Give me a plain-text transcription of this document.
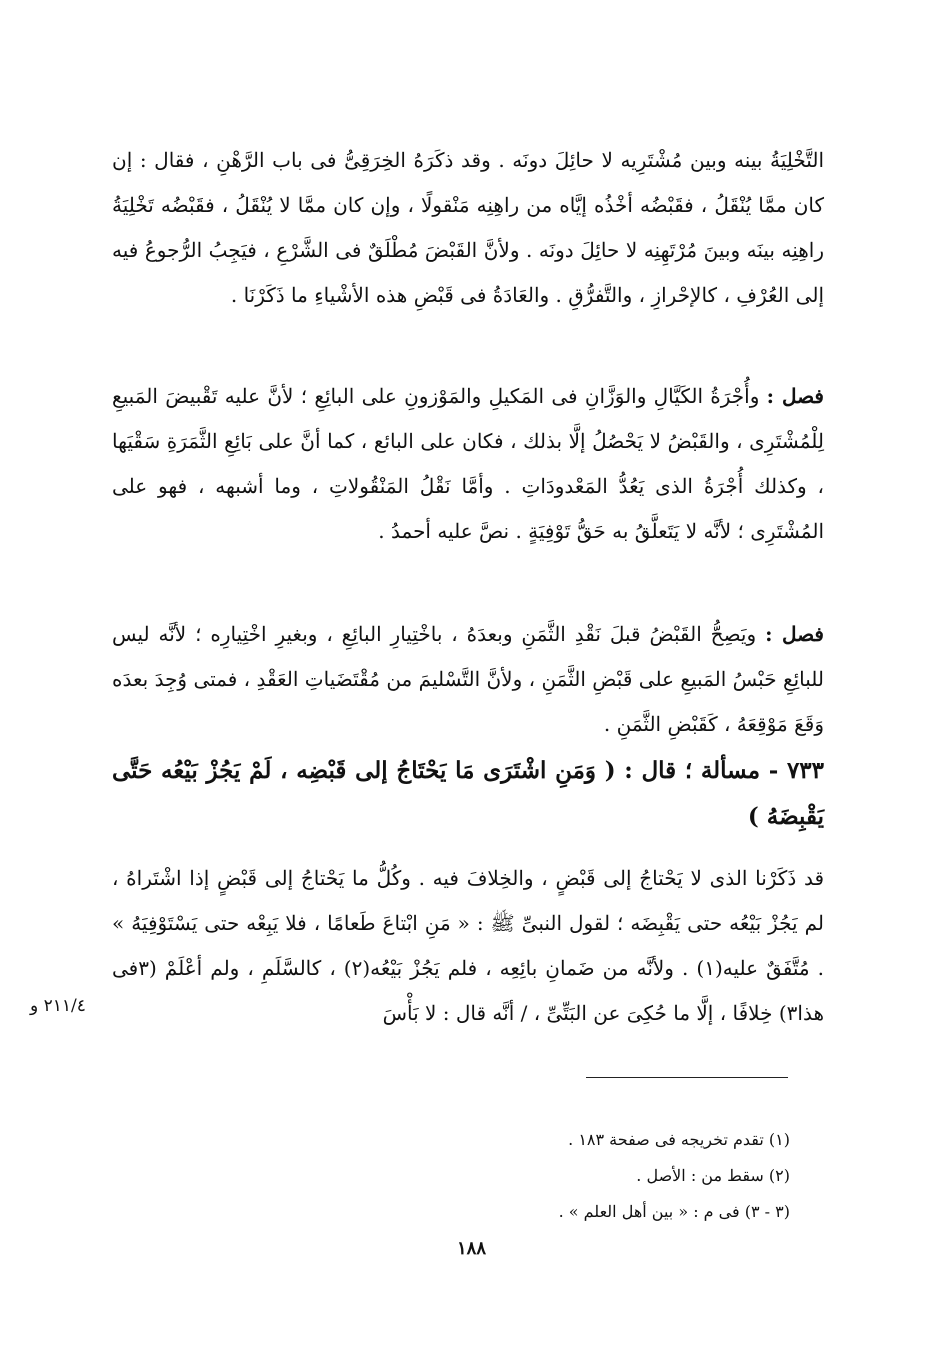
التَّخْلِيَةُ بينه وبين مُشْتَرِيه لا حائِلَ دونَه . وقد ذكَرَهُ الخِرَقِىُّ فى باب الرَّهْنِ ، فقال : إن كان ممَّا يُنْقَلُ ، فقَبْضُه أخْذُه إيَّاه من راهِنِه مَنْقولًا ، وإن كان ممَّا لا يُنْقَلُ ، فقَبْضُه تَخْلِيَةُ راهِنِه بينَه وبينَ مُرْتَهِنِه لا حائِلَ دونَه . ولأنَّ القَبْضَ مُطْلَقٌ فى الشَّرْعِ ، فيَجِبُ الرُّجوعُ فيه إلى العُرْفِ ، كالإحْرازِ ، والتَّفرُّقِ . والعَادَةُ فى قَبْضِ هذه الأشْياءِ ما ذَكَرْنَا .

فصل : وأُجْرَةُ الكَيَّالِ والوَزَّانِ فى المَكيلِ والمَوْزونِ على البائِعِ ؛ لأنَّ عليه تَقْبيضَ المَبيعِ لِلْمُشْتَرِى ، والقَبْضُ لا يَحْصُلُ إلَّا بذلك ، فكان على البائع ، كما أنَّ على بَائِعِ الثَّمَرَةِ سَقْيَها ، وكذلك أُجْرَةُ الذى يَعُدُّ المَعْدودَاتِ . وأمَّا نَقْلُ المَنْقُولاتِ ، وما أشبهه ، فهو على المُشْتَرِى ؛ لأنَّه لا يَتَعلَّقُ به حَقُّ تَوْفِيَةٍ . نصَّ عليه أحمدُ .

فصل : ويَصِحُّ القَبْضُ قبلَ نَقْدِ الثَّمَنِ وبعدَهُ ، باخْتِيارِ البائِعِ ، وبغيرِ اخْتِيارِه ؛ لأنَّه ليس للبائِعِ حَبْسُ المَبيعِ على قَبْضِ الثَّمَنِ ، ولأنَّ التَّسْليمَ من مُقْتَضَياتِ العَقْدِ ، فمتى وُجِدَ بعدَه وَقَعَ مَوْقِعَهُ ، كَقَبْضِ الثَّمَنِ .

٧٣٣ - مسألة ؛ قال : ( وَمَنِ اشْتَرَى مَا يَحْتَاجُ إلى قَبْضِه ، لَمْ يَجُزْ بَيْعُه حَتَّى يَقْبِضَهُ )

قد ذَكَرْنا الذى لا يَحْتاجُ إلى قَبْضٍ ، والخِلافَ فيه . وكُلُّ ما يَحْتاجُ إلى قَبْضٍ إذا اشْتَراهُ ، لم يَجُزْ بَيْعُه حتى يَقْبِضَه ؛ لقول النبىِّ ﷺ : « مَنِ ابْتاعَ طَعامًا ، فلا يَبِعْه حتى يَسْتَوْفِيَهُ » . مُتَّفَقٌ عليه(١) . ولأنَّه من ضَمانِ بائِعِه ، فلم يَجُزْ بَيْعُه(٢) ، كالسَّلَمِ ، ولم أعْلَمْ (٣فى هذا٣) خِلافًا ، إلَّا ما حُكِىَ عن البَتِّىِّ ، / أنَّه قال : لا بَأْسَ

٢١١/٤ و
(١) تقدم تخريجه فى صفحة ١٨٣ .
(٢) سقط من : الأصل .
(٣ - ٣) فى م : « بين أهل العلم » .
١٨٨
